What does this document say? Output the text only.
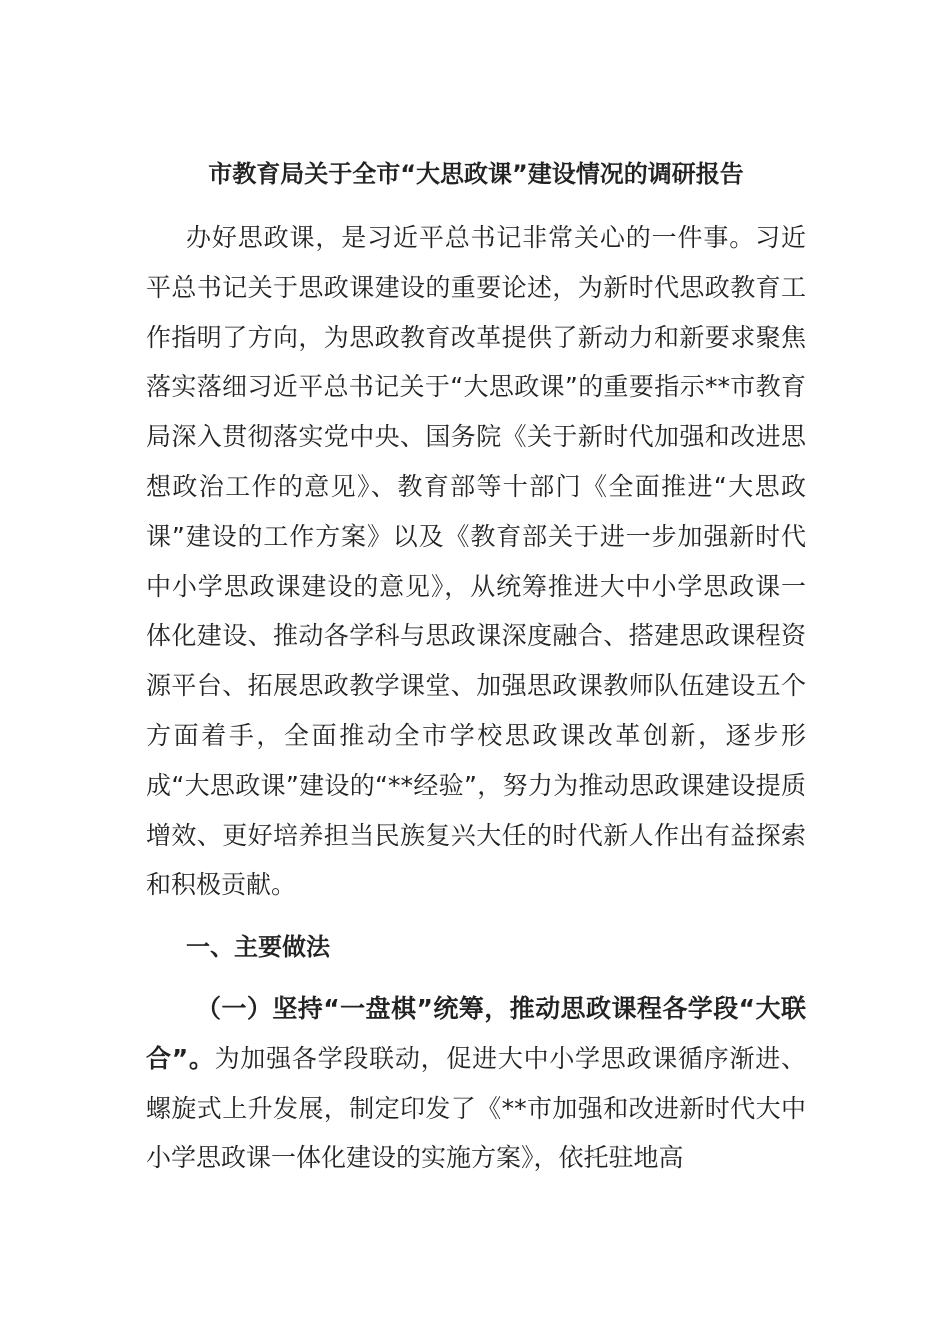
市教育局关于全市“大思政课”建设情况的调研报告

办好思政课，是习近平总书记非常关心的一件事。习近平总书记关于思政课建设的重要论述，为新时代思政教育工作指明了方向，为思政教育改革提供了新动力和新要求聚焦落实落细习近平总书记关于“大思政课”的重要指示**市教育局深入贯彻落实党中央、国务院《关于新时代加强和改进思想政治工作的意见》、教育部等十部门《全面推进“大思政课”建设的工作方案》以及《教育部关于进一步加强新时代中小学思政课建设的意见》，从统筹推进大中小学思政课一体化建设、推动各学科与思政课深度融合、搭建思政课程资源平台、拓展思政教学课堂、加强思政课教师队伍建设五个方面着手，全面推动全市学校思政课改革创新，逐步形成“大思政课”建设的“**经验”，努力为推动思政课建设提质增效、更好培养担当民族复兴大任的时代新人作出有益探索和积极贡献。

一、主要做法

（一）坚持“一盘棋”统筹，推动思政课程各学段“大联合”。为加强各学段联动，促进大中小学思政课循序渐进、螺旋式上升发展，制定印发了《**市加强和改进新时代大中小学思政课一体化建设的实施方案》，依托驻地高
